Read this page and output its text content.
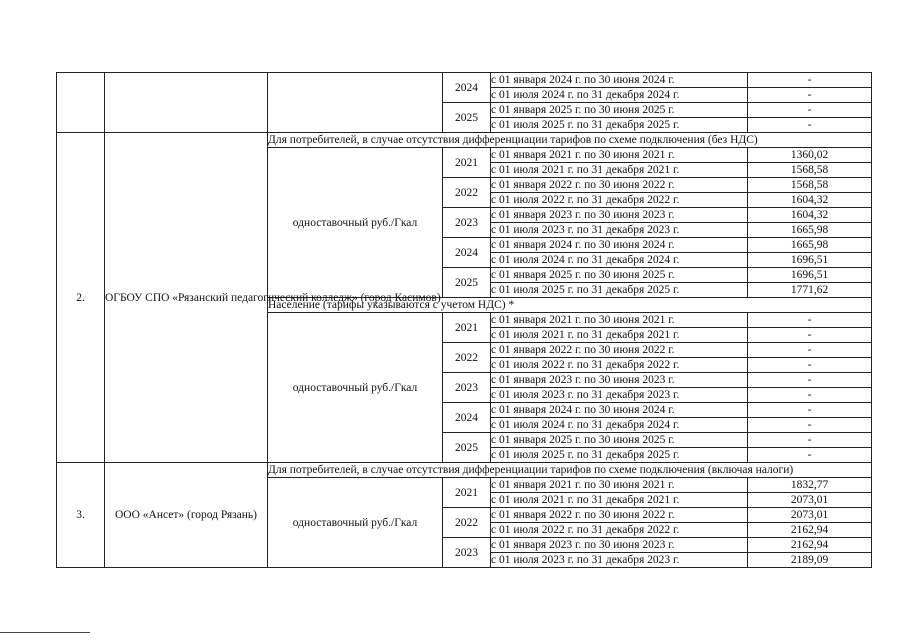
			2024	с 01 января 2024 г. по 30 июня 2024 г.	-
				с 01 июля 2024 г. по 31 декабря 2024 г.	-
			2025	с 01 января 2025 г. по 30 июня 2025 г.	-
				с 01 июля 2025 г. по 31 декабря 2025 г.	-
2.	ОГБОУ СПО «Рязанский педагогический колледж» (город Касимов)	Для потребителей, в случае отсутствия дифференциации тарифов по схеме подключения (без НДС)			
		одноставочный руб./Гкал	2021	с 01 января 2021 г. по 30 июня 2021 г.	1360,02
				с 01 июля 2021 г. по 31 декабря 2021 г.	1568,58
			2022	с 01 января 2022 г. по 30 июня 2022 г.	1568,58
				с 01 июля 2022 г. по 31 декабря 2022 г.	1604,32
			2023	с 01 января 2023 г. по 30 июня 2023 г.	1604,32
				с 01 июля 2023 г. по 31 декабря 2023 г.	1665,98
			2024	с 01 января 2024 г. по 30 июня 2024 г.	1665,98
				с 01 июля 2024 г. по 31 декабря 2024 г.	1696,51
			2025	с 01 января 2025 г. по 30 июня 2025 г.	1696,51
				с 01 июля 2025 г. по 31 декабря 2025 г.	1771,62
		Население (тарифы указываются с учетом НДС) *			
		одноставочный руб./Гкал	2021	с 01 января 2021 г. по 30 июня 2021 г.	-
				с 01 июля 2021 г. по 31 декабря 2021 г.	-
			2022	с 01 января 2022 г. по 30 июня 2022 г.	-
				с 01 июля 2022 г. по 31 декабря 2022 г.	-
			2023	с 01 января 2023 г. по 30 июня 2023 г.	-
				с 01 июля 2023 г. по 31 декабря 2023 г.	-
			2024	с 01 января 2024 г. по 30 июня 2024 г.	-
				с 01 июля 2024 г. по 31 декабря 2024 г.	-
			2025	с 01 января 2025 г. по 30 июня 2025 г.	-
				с 01 июля 2025 г. по 31 декабря 2025 г.	-
3.	ООО «Ансет» (город Рязань)	Для потребителей, в случае отсутствия дифференциации тарифов по схеме подключения (включая налоги)			
		одноставочный руб./Гкал	2021	с 01 января 2021 г. по 30 июня 2021 г.	1832,77
				с 01 июля 2021 г. по 31 декабря 2021 г.	2073,01
			2022	с 01 января 2022 г. по 30 июня 2022 г.	2073,01
				с 01 июля 2022 г. по 31 декабря 2022 г.	2162,94
			2023	с 01 января 2023 г. по 30 июня 2023 г.	2162,94
				с 01 июля 2023 г. по 31 декабря 2023 г.	2189,09
